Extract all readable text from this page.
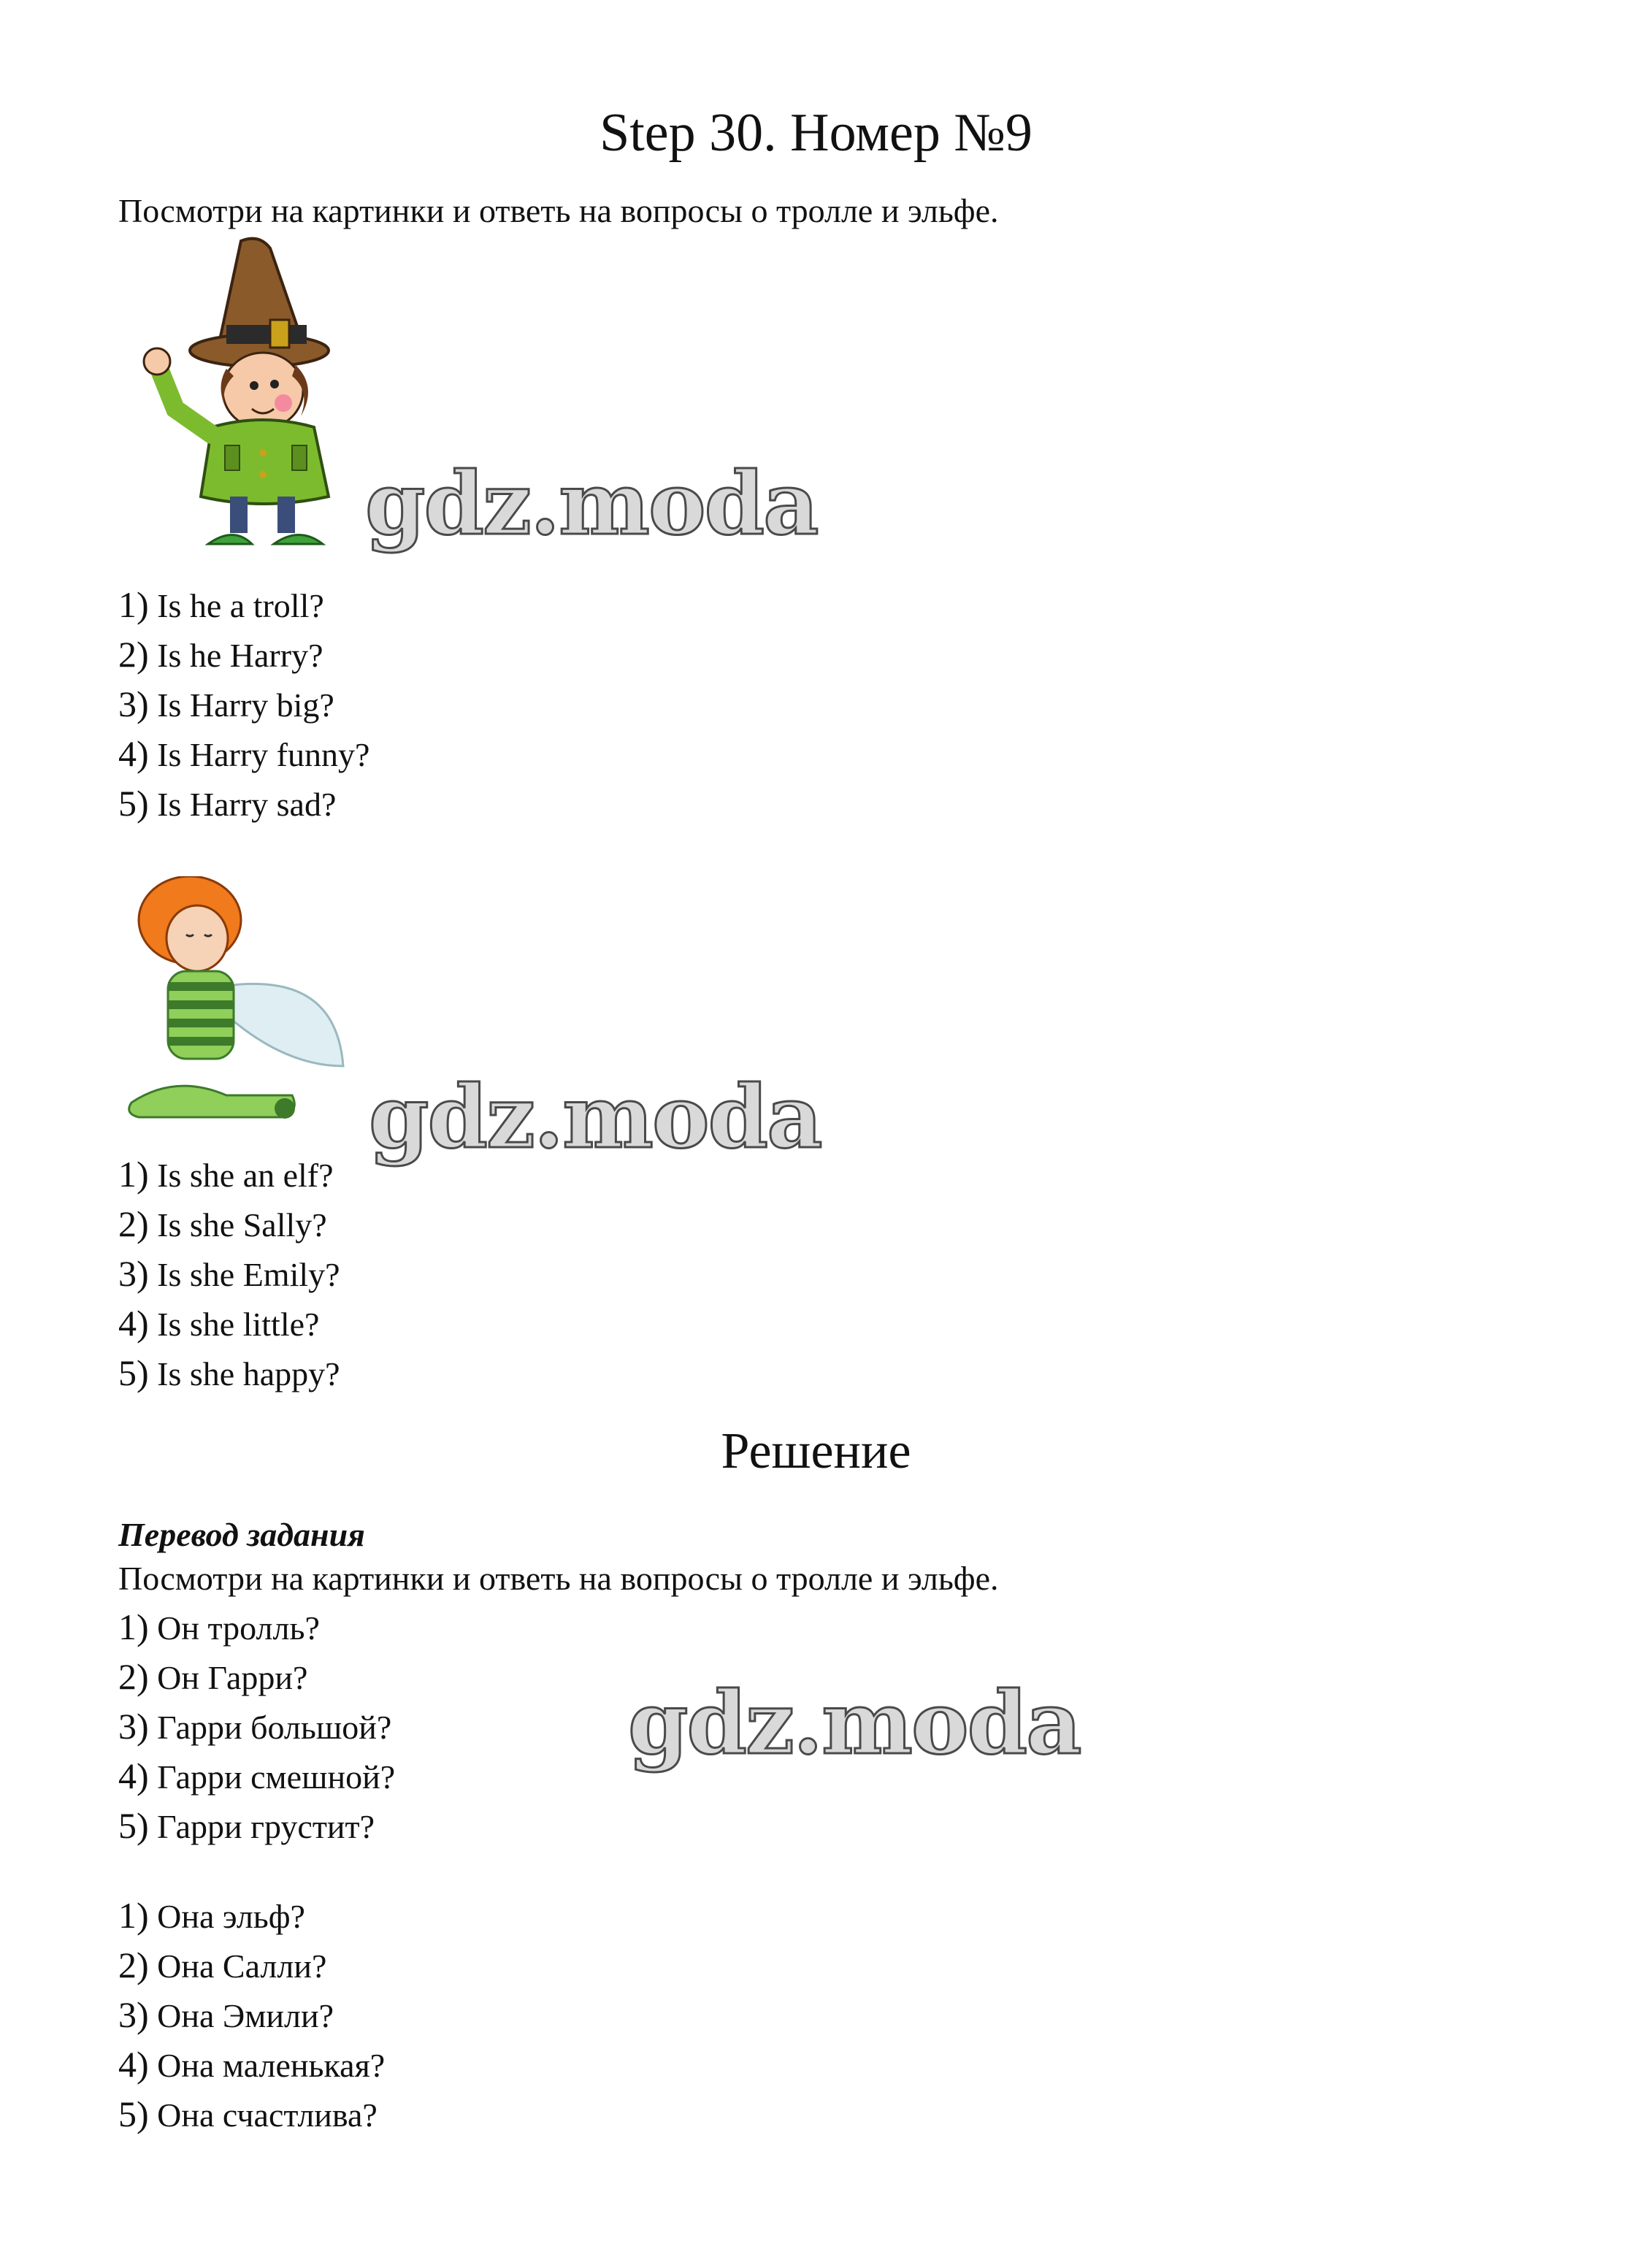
Step 30. Номер №9
Посмотри на картинки и ответь на вопросы о тролле и эльфе.
gdz.moda
1) Is he a troll?
2) Is he Harry?
3) Is Harry big?
4) Is Harry funny?
5) Is Harry sad?
gdz.moda
1) Is she an elf?
2) Is she Sally?
3) Is she Emily?
4) Is she little?
5) Is she happy?
Решение
Перевод задания
Посмотри на картинки и ответь на вопросы о тролле и эльфе.
1) Он тролль?
2) Он Гарри?
3) Гарри большой?
4) Гарри смешной?
5) Гарри грустит?
gdz.moda
1) Она эльф?
2) Она Салли?
3) Она Эмили?
4) Она маленькая?
5) Она счастлива?
